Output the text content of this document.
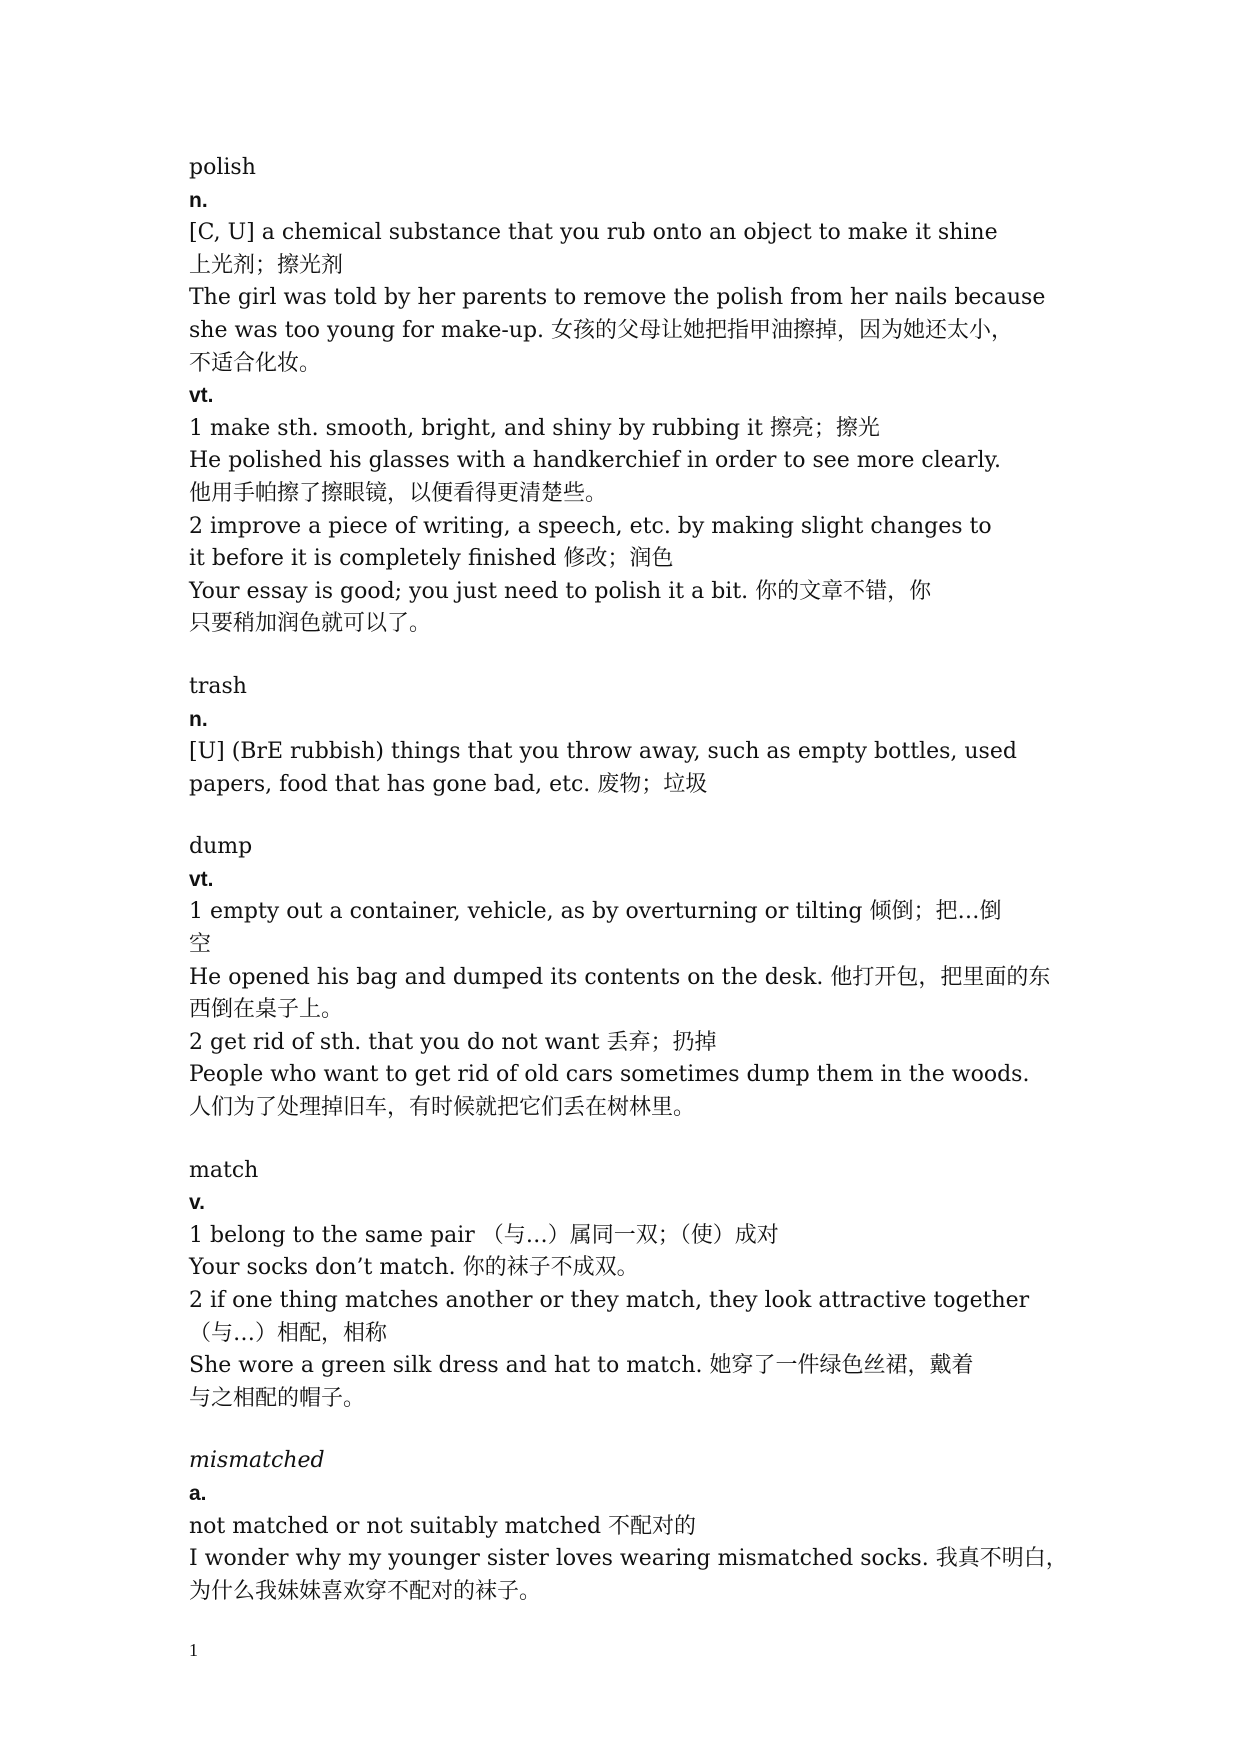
polish
n.
[C, U] a chemical substance that you rub onto an object to make it shine
上光剂；擦光剂
The girl was told by her parents to remove the polish from her nails because
she was too young for make-up. 女孩的父母让她把指甲油擦掉，因为她还太小，
不适合化妆。
vt.
1 make sth. smooth, bright, and shiny by rubbing it 擦亮；擦光
He polished his glasses with a handkerchief in order to see more clearly.
他用手帕擦了擦眼镜，以便看得更清楚些。
2 improve a piece of writing, a speech, etc. by making slight changes to
it before it is completely finished 修改；润色
Your essay is good; you just need to polish it a bit. 你的文章不错，你
只要稍加润色就可以了。
trash
n.
[U] (BrE rubbish) things that you throw away, such as empty bottles, used
papers, food that has gone bad, etc. 废物；垃圾
dump
vt.
1 empty out a container, vehicle, as by overturning or tilting 倾倒；把…倒
空
He opened his bag and dumped its contents on the desk. 他打开包，把里面的东
西倒在桌子上。
2 get rid of sth. that you do not want 丢弃；扔掉
People who want to get rid of old cars sometimes dump them in the woods.
人们为了处理掉旧车，有时候就把它们丢在树林里。
match
v.
1 belong to the same pair （与…）属同一双；（使）成对
Your socks don’t match. 你的袜子不成双。
2 if one thing matches another or they match, they look attractive together
（与…）相配，相称
She wore a green silk dress and hat to match. 她穿了一件绿色丝裙，戴着
与之相配的帽子。
mismatched
a.
not matched or not suitably matched 不配对的
I wonder why my younger sister loves wearing mismatched socks. 我真不明白，
为什么我妹妹喜欢穿不配对的袜子。
1
